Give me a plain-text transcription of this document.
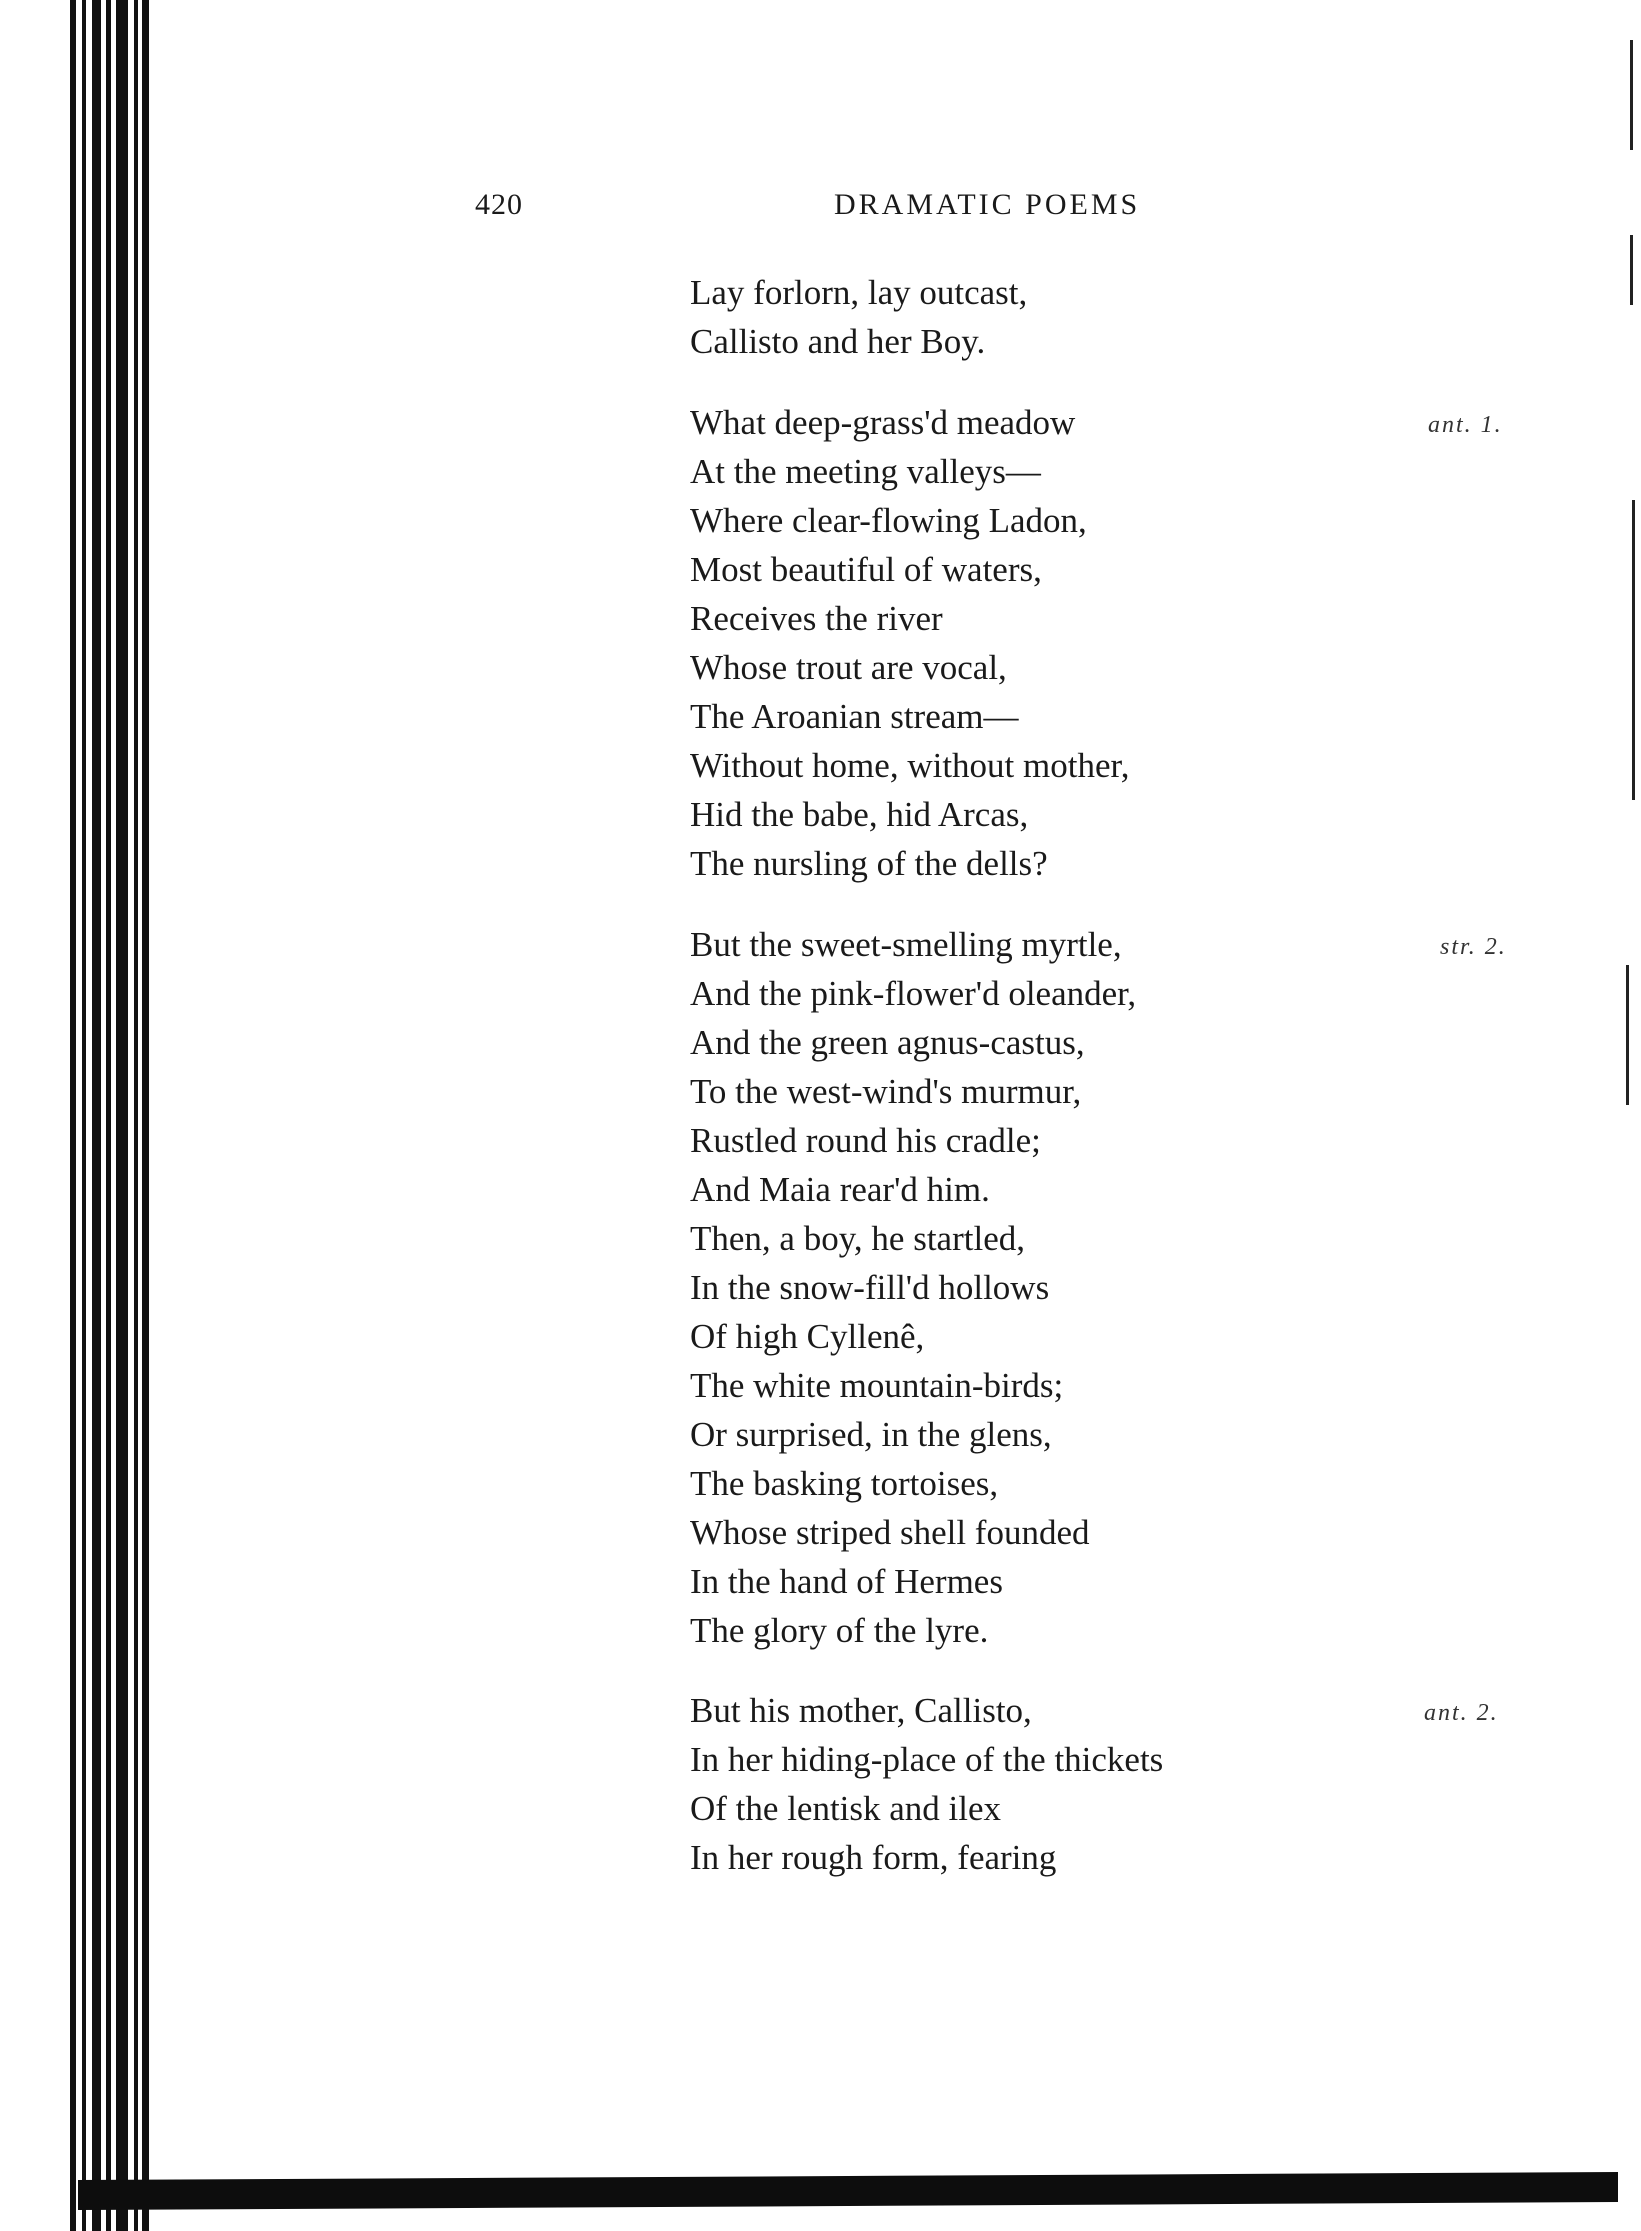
420	DRAMATIC POEMS
Lay forlorn, lay outcast,
Callisto and her Boy.
What deep-grass'd meadow
At the meeting valleys—
Where clear-flowing Ladon,
Most beautiful of waters,
Receives the river
Whose trout are vocal,
The Aroanian stream—
Without home, without mother,
Hid the babe, hid Arcas,
The nursling of the dells?
ant. 1.
But the sweet-smelling myrtle,
And the pink-flower'd oleander,
And the green agnus-castus,
To the west-wind's murmur,
Rustled round his cradle;
And Maia rear'd him.
Then, a boy, he startled,
In the snow-fill'd hollows
Of high Cyllenê,
The white mountain-birds;
Or surprised, in the glens,
The basking tortoises,
Whose striped shell founded
In the hand of Hermes
The glory of the lyre.
str. 2.
But his mother, Callisto,
In her hiding-place of the thickets
Of the lentisk and ilex
In her rough form, fearing
ant. 2.
